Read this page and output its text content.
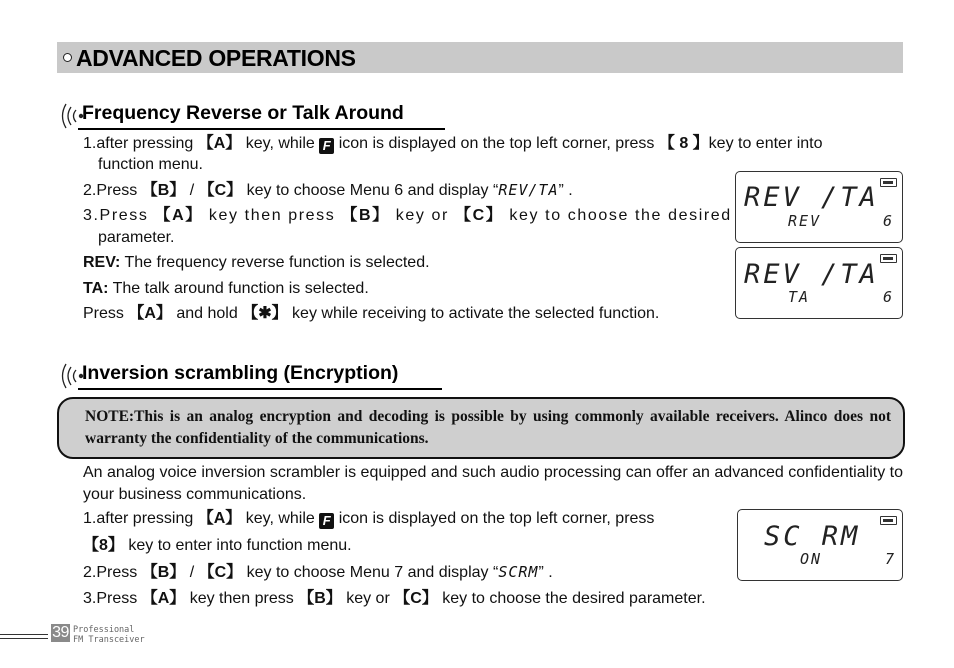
ADVANCED OPERATIONS
Frequency Reverse or Talk Around
1.after pressing 【A】 key, while F icon is displayed on the top left corner, press 【 8 】key to enter into
function menu.
2.Press 【B】 / 【C】 key to choose Menu 6 and display “REV/TA” .
3.Press 【A】 key then press 【B】 key or 【C】 key to choose the desired
parameter.
REV: The frequency reverse function is selected.
TA: The talk around function is selected.
Press 【A】 and hold 【✱】 key while receiving to activate the selected function.
REV /TA
REV	6
REV /TA
TA	6
Inversion scrambling (Encryption)
NOTE:This is an analog encryption and decoding is possible by using commonly available receivers. Alinco does not warranty the confidentiality of the communications.
An analog voice inversion scrambler is equipped and such audio processing can offer an advanced confidentiality to your business communications.
1.after pressing 【A】 key, while F icon is displayed on the top left corner, press
【8】 key to enter into function menu.
2.Press 【B】 / 【C】 key to choose Menu 7 and display “SCRM” .
3.Press 【A】 key then press 【B】 key or 【C】 key to choose the desired parameter.
SC RM
ON	7
39 Professional
FM Transceiver
